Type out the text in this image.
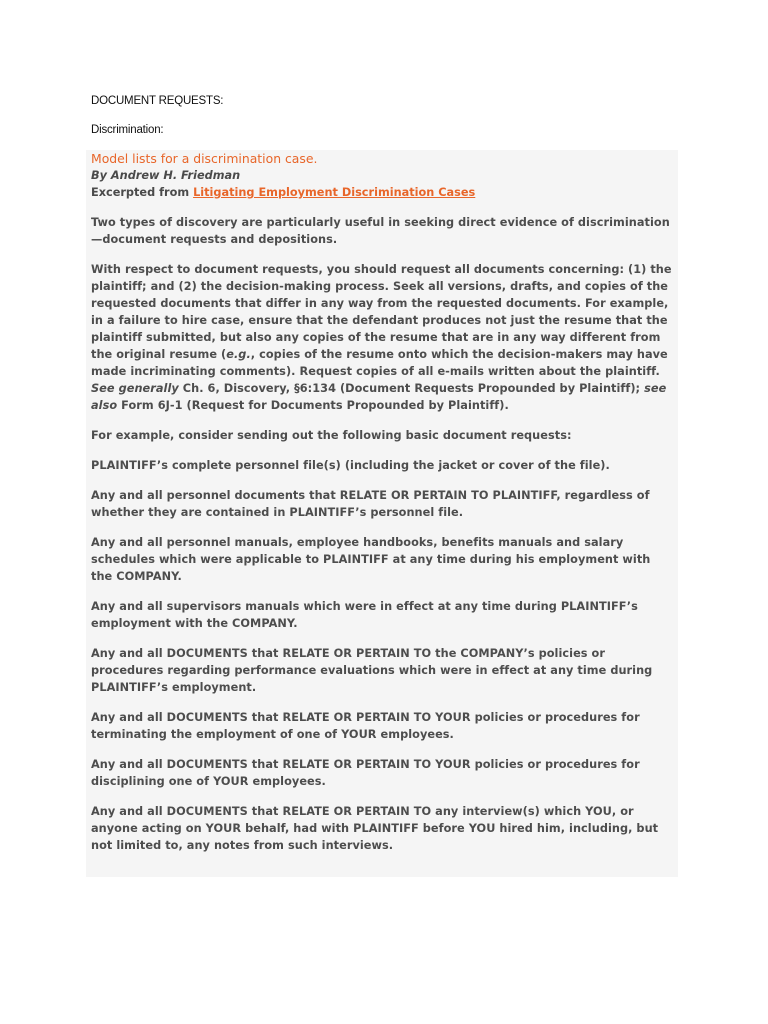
DOCUMENT REQUESTS:
Discrimination:

Model lists for a discrimination case.

By Andrew H. Friedman

Excerpted from Litigating Employment Discrimination Cases

Two types of discovery are particularly useful in seeking direct evidence of discrimination—document requests and depositions.

With respect to document requests, you should request all documents concerning: (1) the plaintiff; and (2) the decision-making process. Seek all versions, drafts, and copies of the requested documents that differ in any way from the requested documents. For example, in a failure to hire case, ensure that the defendant produces not just the resume that the plaintiff submitted, but also any copies of the resume that are in any way different from the original resume (e.g., copies of the resume onto which the decision-makers may have made incriminating comments). Request copies of all e-mails written about the plaintiff. See generally Ch. 6, Discovery, §6:134 (Document Requests Propounded by Plaintiff); see also Form 6J-1 (Request for Documents Propounded by Plaintiff).

For example, consider sending out the following basic document requests:

PLAINTIFF’s complete personnel file(s) (including the jacket or cover of the file).

Any and all personnel documents that RELATE OR PERTAIN TO PLAINTIFF, regardless of whether they are contained in PLAINTIFF’s personnel file.

Any and all personnel manuals, employee handbooks, benefits manuals and salary schedules which were applicable to PLAINTIFF at any time during his employment with the COMPANY.

Any and all supervisors manuals which were in effect at any time during PLAINTIFF’s employment with the COMPANY.

Any and all DOCUMENTS that RELATE OR PERTAIN TO the COMPANY’s policies or procedures regarding performance evaluations which were in effect at any time during PLAINTIFF’s employment.

Any and all DOCUMENTS that RELATE OR PERTAIN TO YOUR policies or procedures for terminating the employment of one of YOUR employees.

Any and all DOCUMENTS that RELATE OR PERTAIN TO YOUR policies or procedures for disciplining one of YOUR employees.

Any and all DOCUMENTS that RELATE OR PERTAIN TO any interview(s) which YOU, or anyone acting on YOUR behalf, had with PLAINTIFF before YOU hired him, including, but not limited to, any notes from such interviews.
